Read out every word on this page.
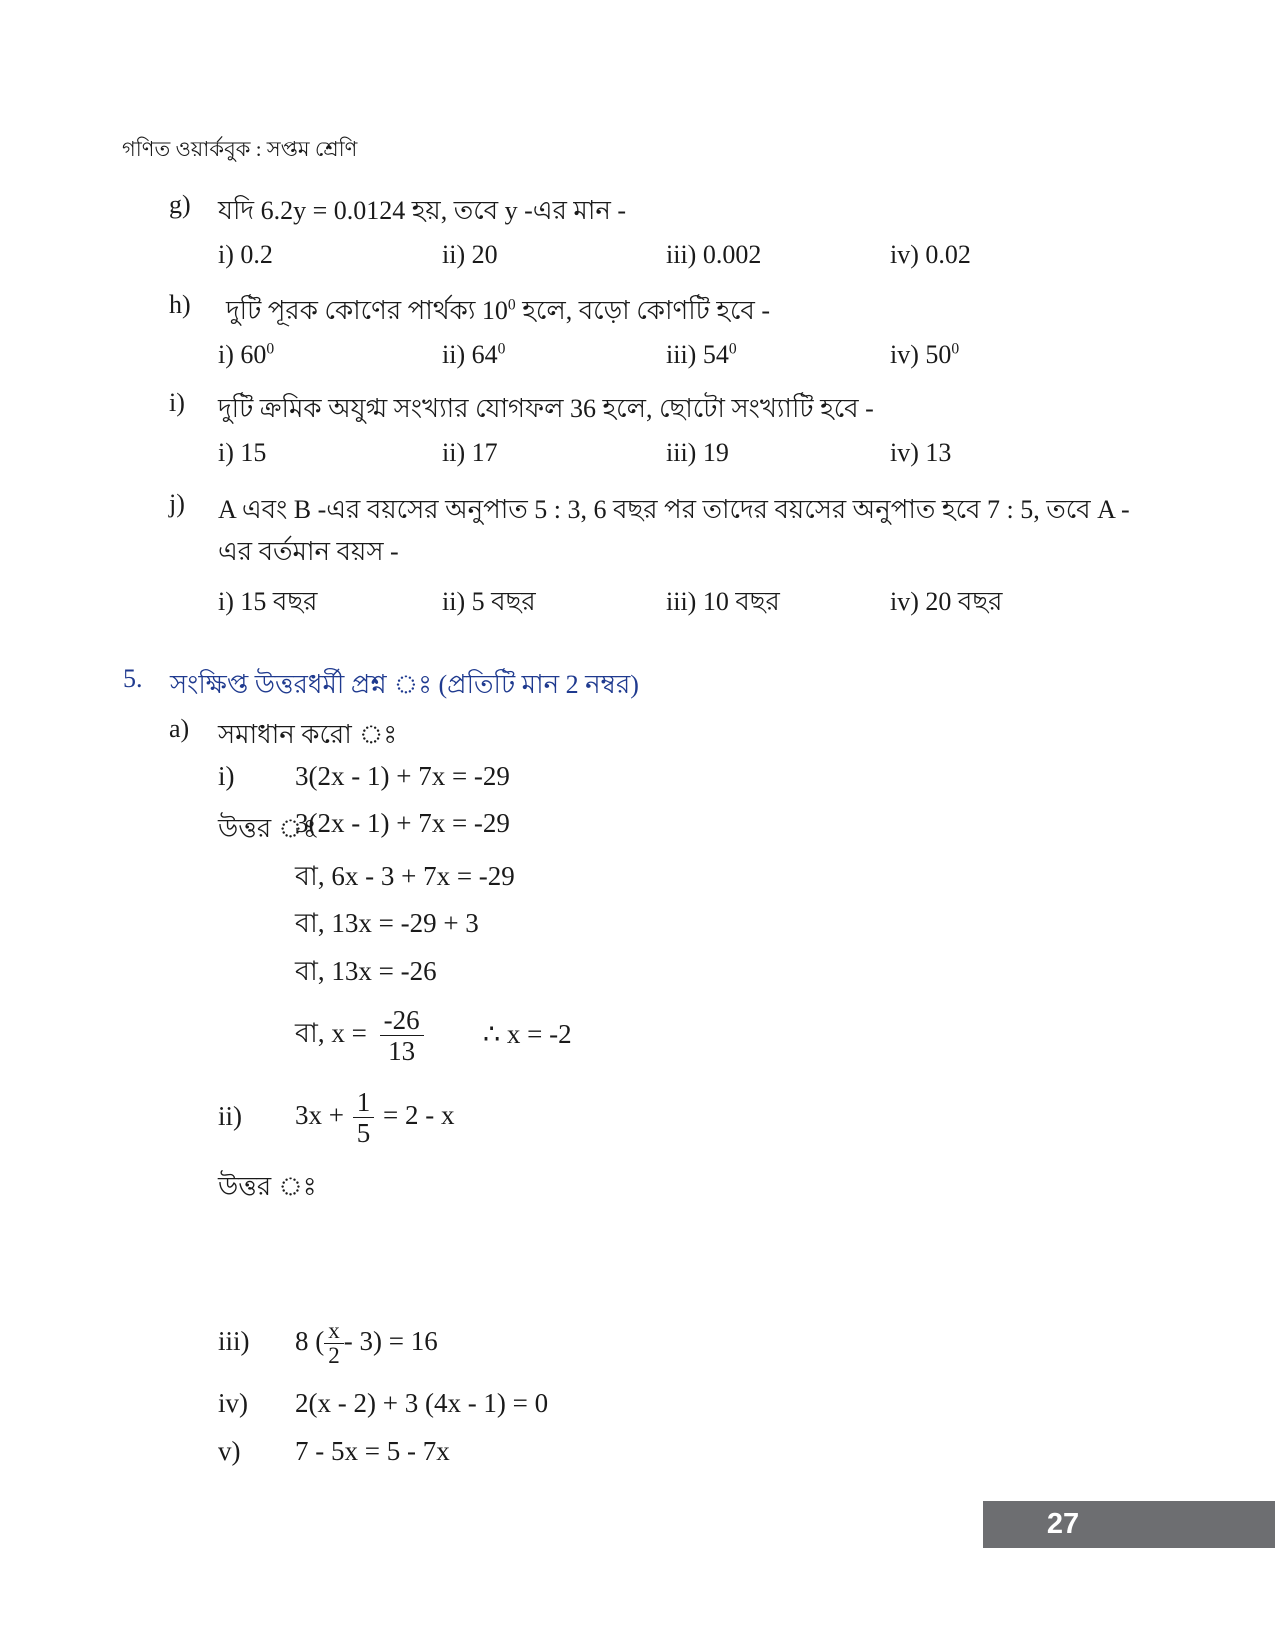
গণিত ওয়ার্কবুক : সপ্তম শ্রেণি
g) যদি 6.2y = 0.0124 হয়, তবে y -এর মান -
i) 0.2	ii) 20	iii) 0.002	iv) 0.02
h) দুটি পূরক কোণের পার্থক্য $10^0$ হলে, বড়ো কোণটি হবে -
i) $60^0$	ii) $64^0$	iii) $54^0$	iv) $50^0$
i) দুটি ক্রমিক অযুগ্ম সংখ্যার যোগফল 36 হলে, ছোটো সংখ্যাটি হবে -
i) 15	ii) 17	iii) 19	iv) 13
j) A এবং B -এর বয়সের অনুপাত 5 : 3, 6 বছর পর তাদের বয়সের অনুপাত হবে 7 : 5, তবে A -
এর বর্তমান বয়স -
i) 15 বছর	ii) 5 বছর	iii) 10 বছর	iv) 20 বছর
5. সংক্ষিপ্ত উত্তরধর্মী প্রশ্ন ঃ (প্রতিটি মান 2 নম্বর)
a) সমাধান করো ঃ
i) 3(2x - 1) + 7x = -29
উত্তর ঃ
3(2x - 1) + 7x = -29
বা, 6x - 3 + 7x = -29
বা, 13x = -29 + 3
বা, 13x = -26
বা, $x = \frac{-26}{13}$ ∴ x = -2
ii) $3x + \frac{1}{5} = 2 - x$
উত্তর ঃ
iii) 8 ( $\frac{x}{2} - 3) = 16$
iv) 2(x - 2) + 3 (4x - 1) = 0
v) 7 - 5x = 5 - 7x
27
